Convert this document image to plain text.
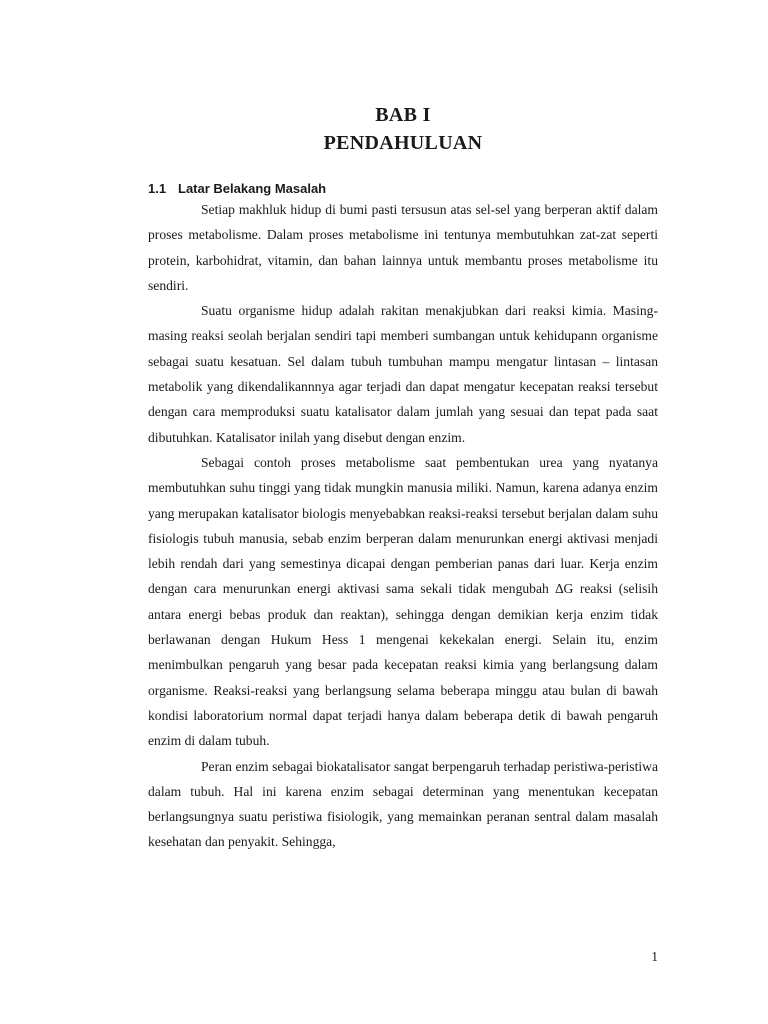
BAB I
PENDAHULUAN
1.1 Latar Belakang Masalah

Setiap makhluk hidup di bumi pasti tersusun atas sel-sel yang berperan aktif dalam proses metabolisme. Dalam proses metabolisme ini tentunya membutuhkan zat-zat seperti protein, karbohidrat, vitamin, dan bahan lainnya untuk membantu proses metabolisme itu sendiri.

Suatu organisme hidup adalah rakitan menakjubkan dari reaksi kimia. Masing-masing reaksi seolah berjalan sendiri tapi memberi sumbangan untuk kehidupann organisme sebagai suatu kesatuan. Sel dalam tubuh tumbuhan mampu mengatur lintasan – lintasan metabolik yang dikendalikannnya agar terjadi dan dapat mengatur kecepatan reaksi tersebut dengan cara memproduksi suatu katalisator dalam jumlah yang sesuai dan tepat pada saat dibutuhkan. Katalisator inilah yang disebut dengan enzim.

Sebagai contoh proses metabolisme saat pembentukan urea yang nyatanya membutuhkan suhu tinggi yang tidak mungkin manusia miliki. Namun, karena adanya enzim yang merupakan katalisator biologis menyebabkan reaksi-reaksi tersebut berjalan dalam suhu fisiologis tubuh manusia, sebab enzim berperan dalam menurunkan energi aktivasi menjadi lebih rendah dari yang semestinya dicapai dengan pemberian panas dari luar. Kerja enzim dengan cara menurunkan energi aktivasi sama sekali tidak mengubah ∆G reaksi (selisih antara energi bebas produk dan reaktan), sehingga dengan demikian kerja enzim tidak berlawanan dengan Hukum Hess 1 mengenai kekekalan energi. Selain itu, enzim menimbulkan pengaruh yang besar pada kecepatan reaksi kimia yang berlangsung dalam organisme. Reaksi-reaksi yang berlangsung selama beberapa minggu atau bulan di bawah kondisi laboratorium normal dapat terjadi hanya dalam beberapa detik di bawah pengaruh enzim di dalam tubuh.

Peran enzim sebagai biokatalisator sangat berpengaruh terhadap peristiwa-peristiwa dalam tubuh. Hal ini karena enzim sebagai determinan yang menentukan kecepatan berlangsungnya suatu peristiwa fisiologik, yang memainkan peranan sentral dalam masalah kesehatan dan penyakit. Sehingga,

1
